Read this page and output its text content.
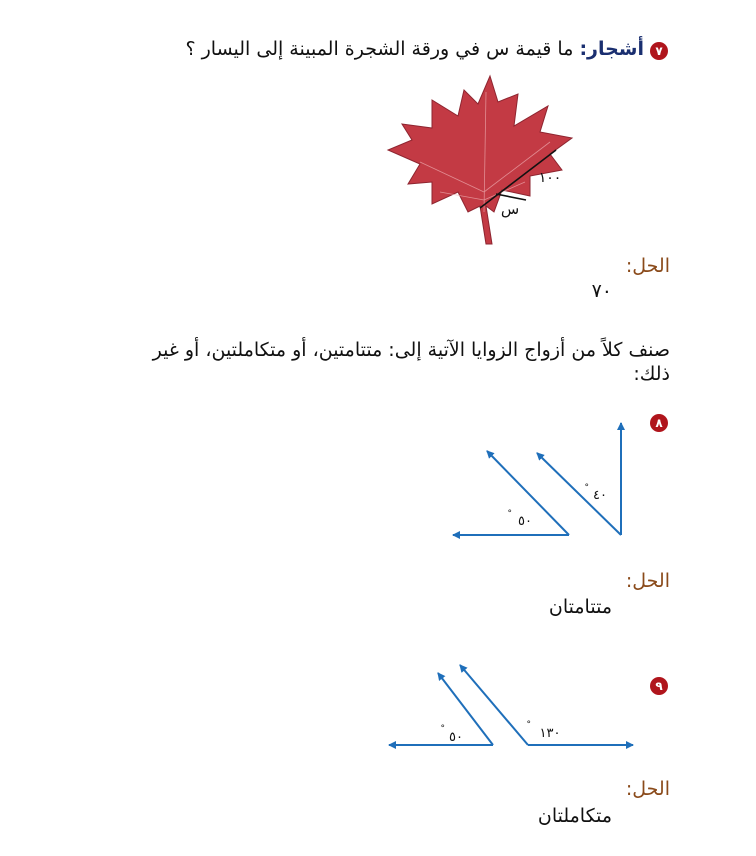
٧
أشجار: ما قيمة س في ورقة الشجرة المبينة إلى اليسار ؟
١٠٠
س
الحل:
٧٠
صنف كلاً من أزواج الزوايا الآتية إلى: متتامتين، أو متكاملتين، أو غير ذلك:
٨
٤٠
°
٥٠
°
الحل:
متتامتان
٩
١٣٠
°
٥٠
°
الحل:
متكاملتان
